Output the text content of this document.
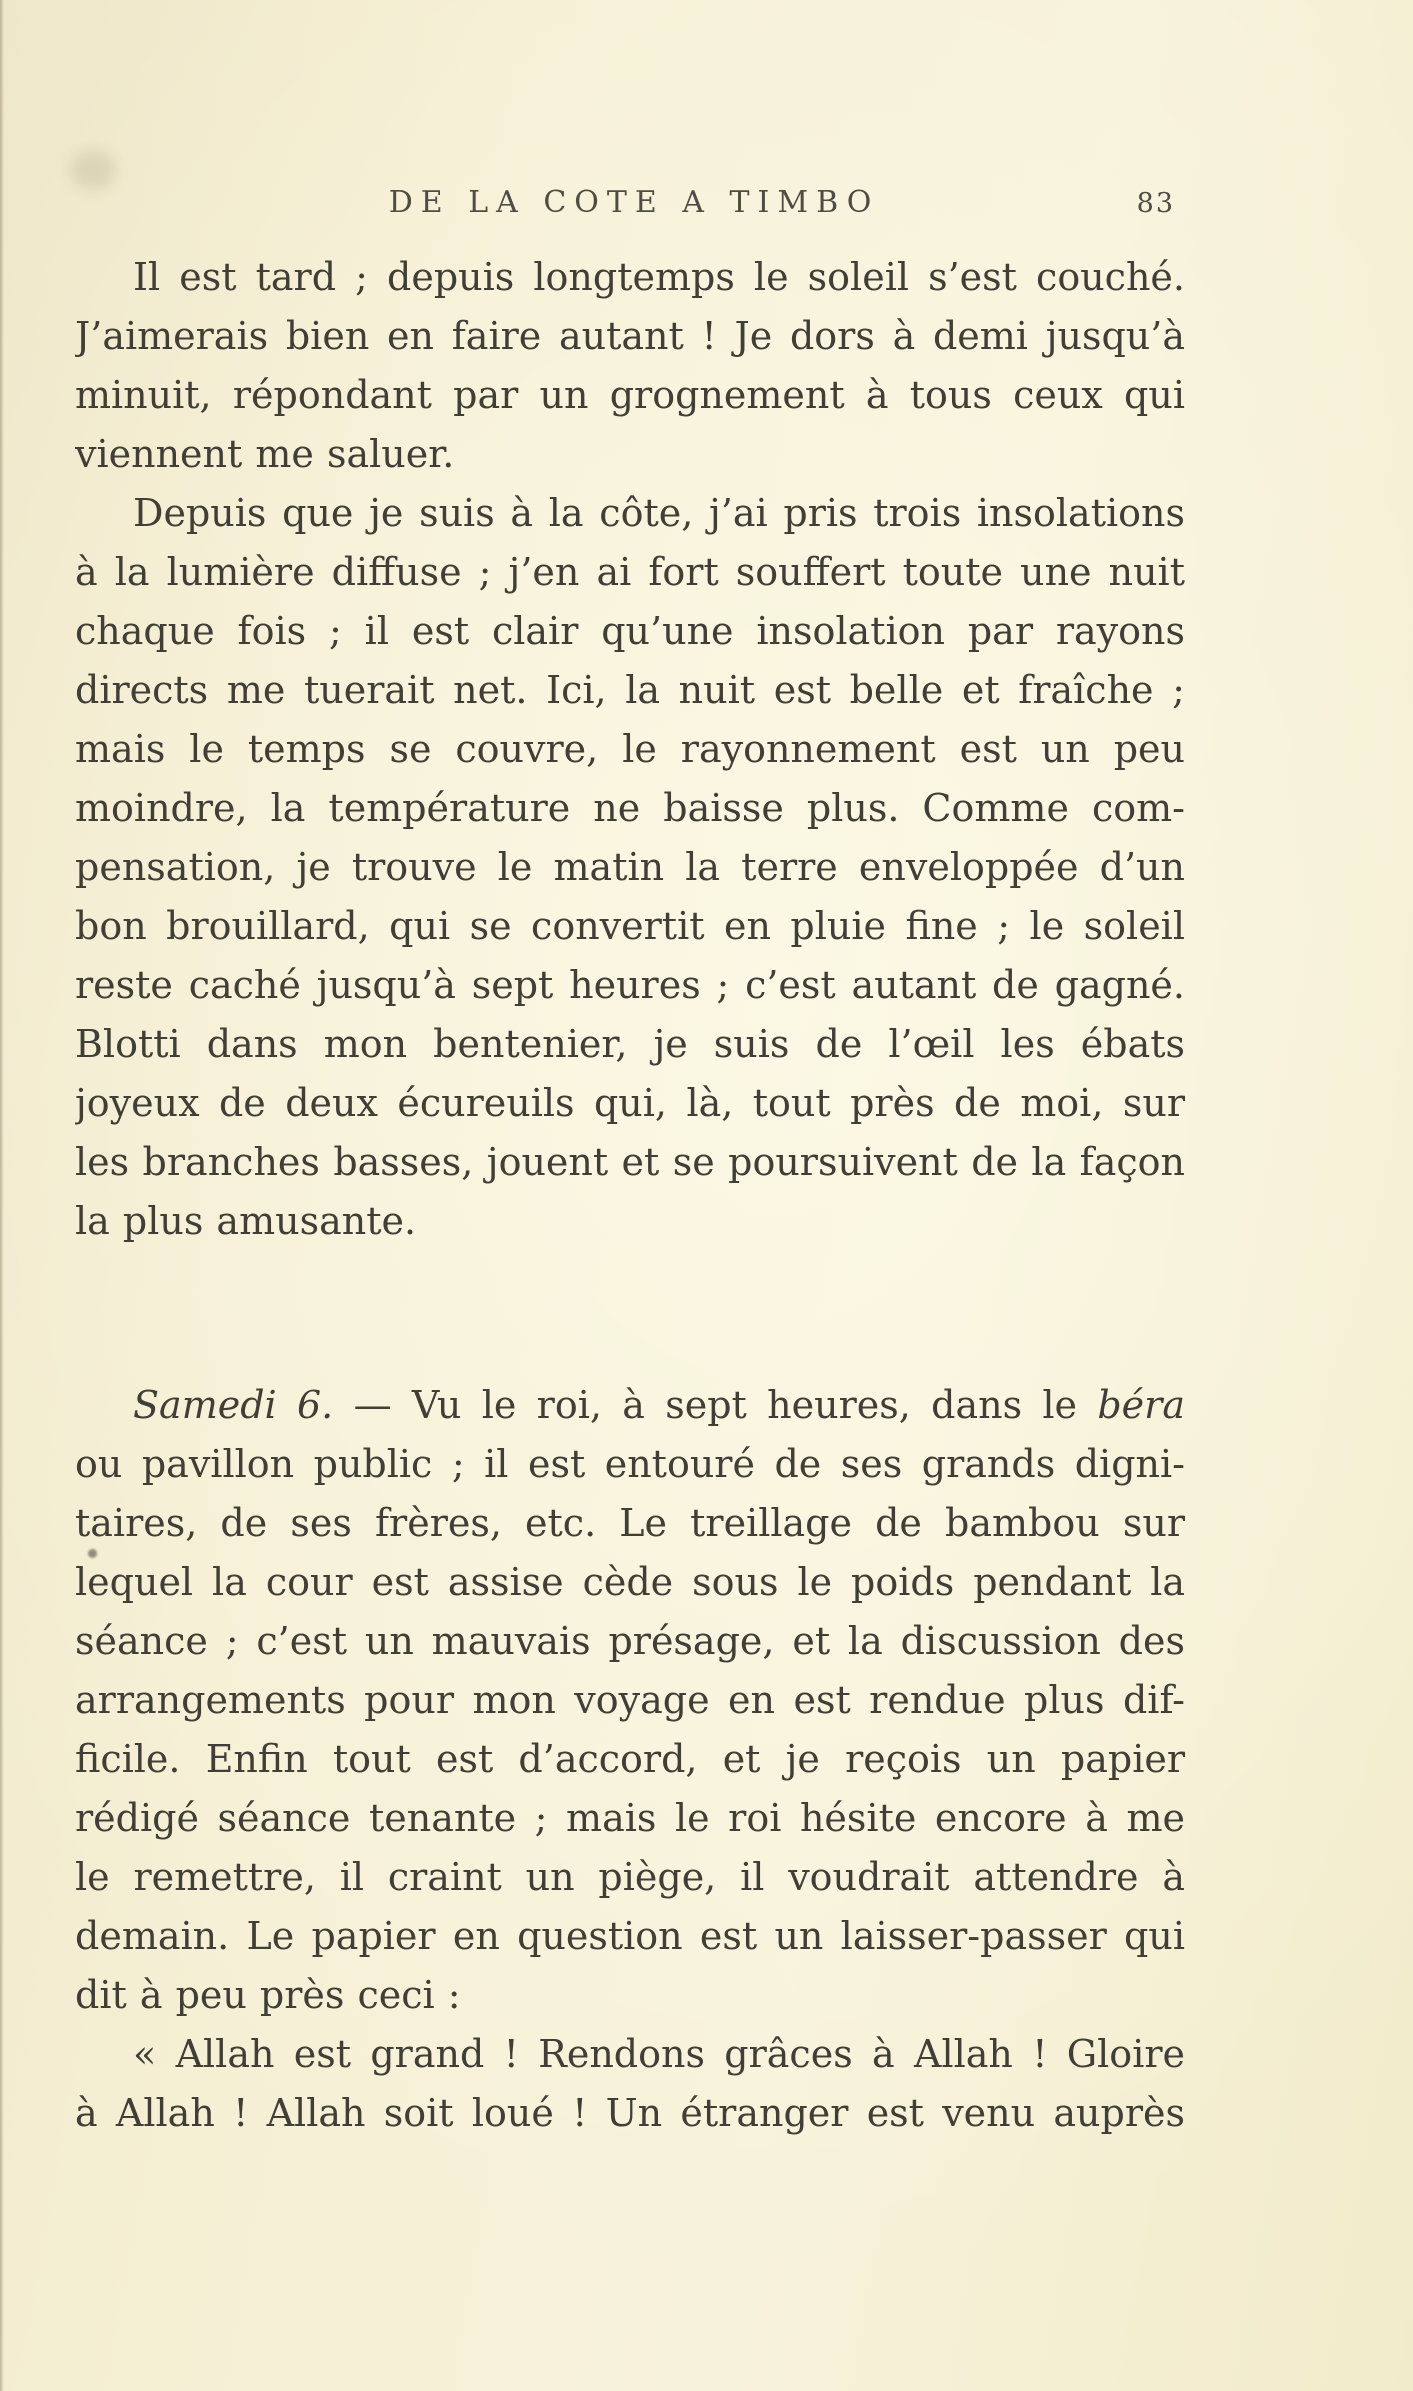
DE LA COTE A TIMBO	83
Il est tard ; depuis longtemps le soleil s’est couché.
J’aimerais bien en faire autant ! Je dors à demi jusqu’à
minuit, répondant par un grognement à tous ceux qui
viennent me saluer.
Depuis que je suis à la côte, j’ai pris trois insolations
à la lumière diffuse ; j’en ai fort souffert toute une nuit
chaque fois ; il est clair qu’une insolation par rayons
directs me tuerait net. Ici, la nuit est belle et fraîche ;
mais le temps se couvre, le rayonnement est un peu
moindre, la température ne baisse plus. Comme com-
pensation, je trouve le matin la terre enveloppée d’un
bon brouillard, qui se convertit en pluie fine ; le soleil
reste caché jusqu’à sept heures ; c’est autant de gagné.
Blotti dans mon bentenier, je suis de l’œil les ébats
joyeux de deux écureuils qui, là, tout près de moi, sur
les branches basses, jouent et se poursuivent de la façon
la plus amusante.
Samedi 6. — Vu le roi, à sept heures, dans le béra
ou pavillon public ; il est entouré de ses grands digni-
taires, de ses frères, etc. Le treillage de bambou sur
lequel la cour est assise cède sous le poids pendant la
séance ; c’est un mauvais présage, et la discussion des
arrangements pour mon voyage en est rendue plus dif-
ficile. Enfin tout est d’accord, et je reçois un papier
rédigé séance tenante ; mais le roi hésite encore à me
le remettre, il craint un piège, il voudrait attendre à
demain. Le papier en question est un laisser-passer qui
dit à peu près ceci :
« Allah est grand ! Rendons grâces à Allah ! Gloire
à Allah ! Allah soit loué ! Un étranger est venu auprès
